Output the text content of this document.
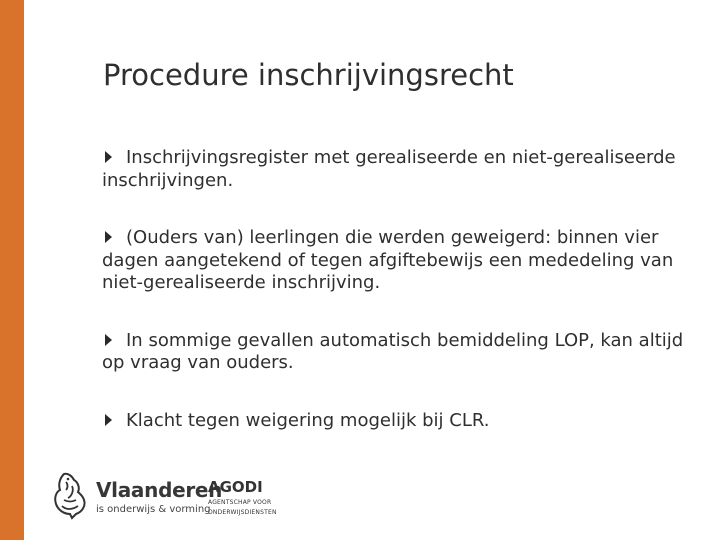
Procedure inschrijvingsrecht
Inschrijvingsregister met gerealiseerde en niet-gerealiseerde inschrijvingen.
(Ouders van) leerlingen die werden geweigerd: binnen vier dagen aangetekend of tegen afgiftebewijs een mededeling van niet-gerealiseerde inschrijving.
In sommige gevallen automatisch bemiddeling LOP, kan altijd op vraag van ouders.
Klacht tegen weigering mogelijk bij CLR.
Vlaanderen
is onderwijs & vorming
AGODI
AGENTSCHAP VOOR
ONDERWIJSDIENSTEN
